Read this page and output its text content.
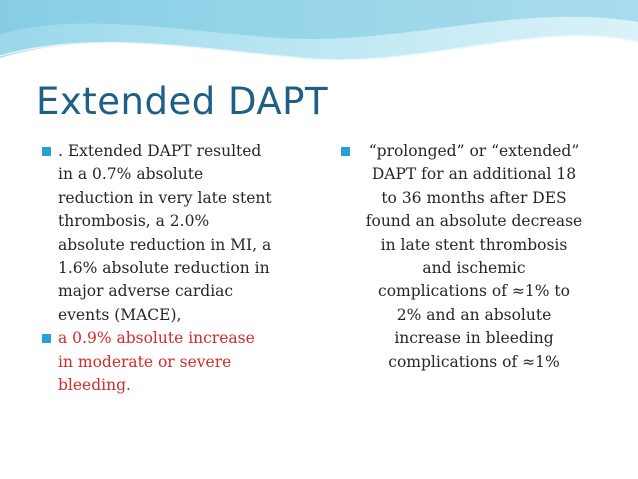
Extended DAPT
. Extended DAPT resulted
in a 0.7% absolute
reduction in very late stent
thrombosis, a 2.0%
absolute reduction in MI, a
1.6% absolute reduction in
major adverse cardiac
events (MACE),
a 0.9% absolute increase
in moderate or severe
bleeding.
“prolonged” or “extended”
DAPT for an additional 18
to 36 months after DES
found an absolute decrease
in late stent thrombosis
and ischemic
complications of ≈1% to
2% and an absolute
increase in bleeding
complications of ≈1%
